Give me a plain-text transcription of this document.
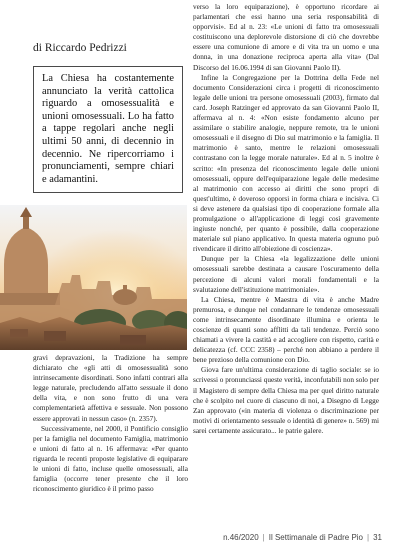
di Riccardo Pedrizzi
La Chiesa ha costantemente annunciato la verità cattolica riguardo a omosessualità e unioni omosessuali. Lo ha fatto a tappe regolari anche negli ultimi 50 anni, di decennio in decennio. Ne ripercorriamo i pronunciamenti, sempre chiari e adamantini.

verso la loro equiparazione), è opportuno ricordare ai parlamentari che essi hanno una seria responsabilità di opporvisi». Ed al n. 23: «Le unioni di fatto tra omosessuali costituiscono una deplorevole distorsione di ciò che dovrebbe essere una comunione di amore e di vita tra un uomo e una donna, in una donazione reciproca aperta alla vita» (Dal Discorso del 16.06.1994 di san Giovanni Paolo II).

Infine la Congregazione per la Dottrina della Fede nel documento Considerazioni circa i progetti di riconoscimento legale delle unioni tra persone omosessuali (2003), firmato dal card. Joseph Ratzinger ed approvato da san Giovanni Paolo II, affermava al n. 4: «Non esiste fondamento alcuno per assimilare o stabilire analogie, neppure remote, tra le unioni omosessuali e il disegno di Dio sul matrimonio e la famiglia. Il matrimonio è santo, mentre le relazioni omosessuali contrastano con la legge morale naturale». Ed al n. 5 inoltre è scritto: «In presenza del riconoscimento legale delle unioni omosessuali, oppure dell'equiparazione legale delle medesime al matrimonio con accesso ai diritti che sono propri di quest'ultimo, è doveroso opporsi in forma chiara e incisiva. Ci si deve astenere da qualsiasi tipo di cooperazione formale alla promulgazione o all'applicazione di leggi così gravemente ingiuste nonché, per quanto è possibile, dalla cooperazione materiale sul piano applicativo. In questa materia ognuno può rivendicare il diritto all'obiezione di coscienza».

Dunque per la Chiesa «la legalizzazione delle unioni omosessuali sarebbe destinata a causare l'oscuramento della percezione di alcuni valori morali fondamentali e la svalutazione dell'istituzione matrimoniale».

La Chiesa, mentre è Maestra di vita è anche Madre premurosa, e dunque nel condannare le tendenze omosessuali come intrinsecamente disordinate illumina e orienta le coscienze di quanti sono afflitti da tali tendenze. Perciò sono chiamati a vivere la castità e ad accogliere con rispetto, carità e delicatezza (cf. CCC 2358) – perché non abbiano a perdere il bene prezioso della comunione con Dio.

Giova fare un'ultima considerazione di taglio sociale: se io scrivessi o pronunciassi queste verità, inconfutabili non solo per il Magistero di sempre della Chiesa ma per quel diritto naturale che è scolpito nel cuore di ciascuno di noi, a Disegno di Legge Zan approvato («in materia di violenza o discriminazione per motivi di orientamento sessuale o identità di genere» n. 569) mi sarei certamente assicurato... le patrie galere.

gravi depravazioni, la Tradizione ha sempre dichiarato che «gli atti di omosessualità sono intrinsecamente disordinati. Sono infatti contrari alla legge naturale, precludendo all'atto sessuale il dono della vita, e non sono frutto di una vera complementarietà affettiva e sessuale. Non possono essere approvati in nessun caso» (n. 2357).

Successivamente, nel 2000, il Pontificio consiglio per la famiglia nel documento Famiglia, matrimonio e unioni di fatto al n. 16 affermava: «Per quanto riguarda le recenti proposte legislative di equiparare le unioni di fatto, incluse quelle omosessuali, alla famiglia (occorre tener presente che il loro riconoscimento giuridico è il primo passo

n.46/2020 | Il Settimanale di Padre Pio | 31
